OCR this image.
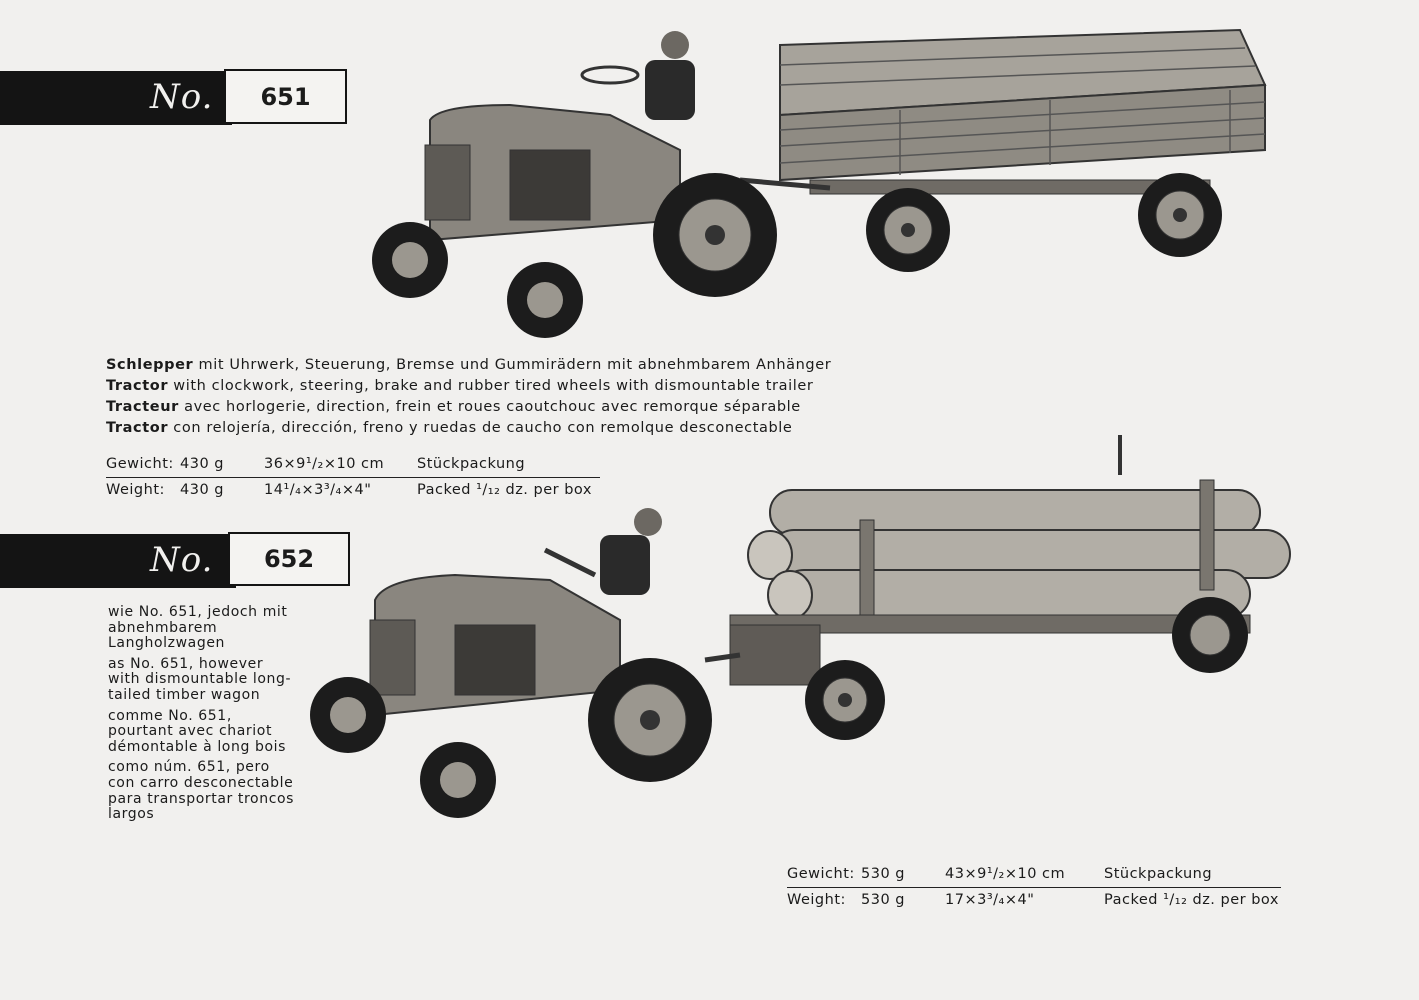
No.	651
Schlepper mit Uhrwerk, Steuerung, Bremse und Gummirädern mit abnehmbarem Anhänger
Tractor with clockwork, steering, brake and rubber tired wheels with dismountable trailer
Tracteur avec horlogerie, direction, frein et roues caoutchouc avec remorque séparable
Tractor con relojería, dirección, freno y ruedas de caucho con remolque desconectable
Gewicht: 430 g	36×9¹/₂×10 cm Stückpackung
Weight: 430 g	14¹/₄×3³/₄×4"	Packed ¹/₁₂ dz. per box
No.	652

wie No. 651, jedoch mit abnehmbarem Langholzwagen

as No. 651, however with dismountable long-tailed timber wagon

comme No. 651, pourtant avec chariot démontable à long bois

como núm. 651, pero con carro desconectable para transportar troncos largos

Gewicht: 530 g	43×9¹/₂×10 cm	Stückpackung
Weight: 530 g	17×3³/₄×4"	Packed ¹/₁₂ dz. per box
